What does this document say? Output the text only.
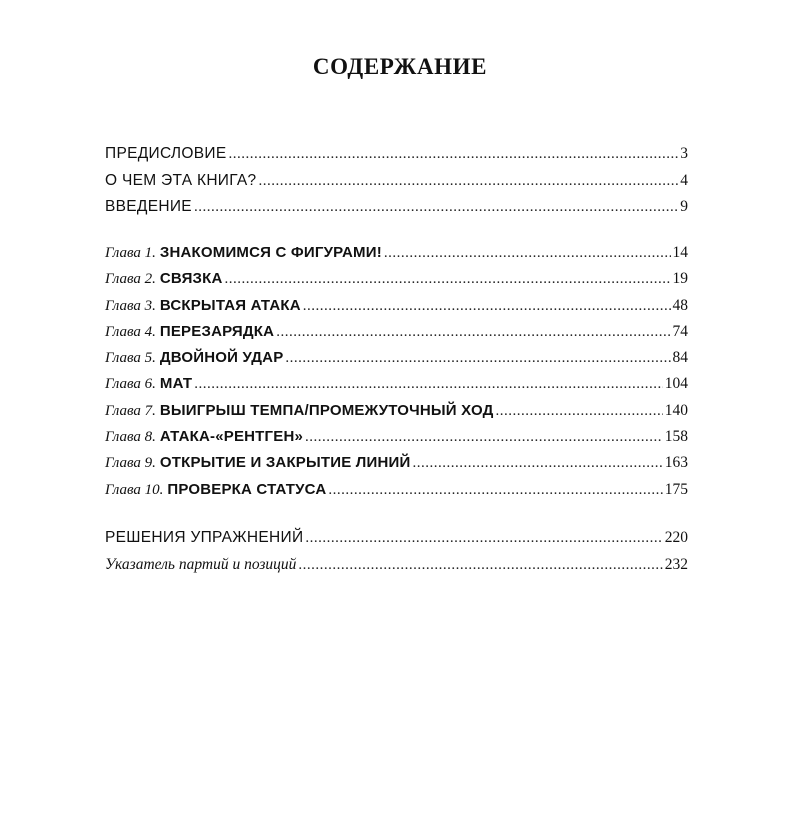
СОДЕРЖАНИЕ
ПРЕДИСЛОВИЕ .....	3
О ЧЕМ ЭТА КНИГА? .....	4
ВВЕДЕНИЕ .....	9
Глава 1. ЗНАКОМИМСЯ С ФИГУРАМИ! .....	14
Глава 2. СВЯЗКА .....	19
Глава 3. ВСКРЫТАЯ АТАКА .....	48
Глава 4. ПЕРЕЗАРЯДКА .....	74
Глава 5. ДВОЙНОЙ УДАР .....	84
Глава 6. МАТ .....	104
Глава 7. ВЫИГРЫШ ТЕМПА/ПРОМЕЖУТОЧНЫЙ ХОД .....	140
Глава 8. АТАКА-«РЕНТГЕН» .....	158
Глава 9. ОТКРЫТИЕ И ЗАКРЫТИЕ ЛИНИЙ .....	163
Глава 10. ПРОВЕРКА СТАТУСА .....	175
РЕШЕНИЯ УПРАЖНЕНИЙ .....	220
Указатель партий и позиций .....	232
